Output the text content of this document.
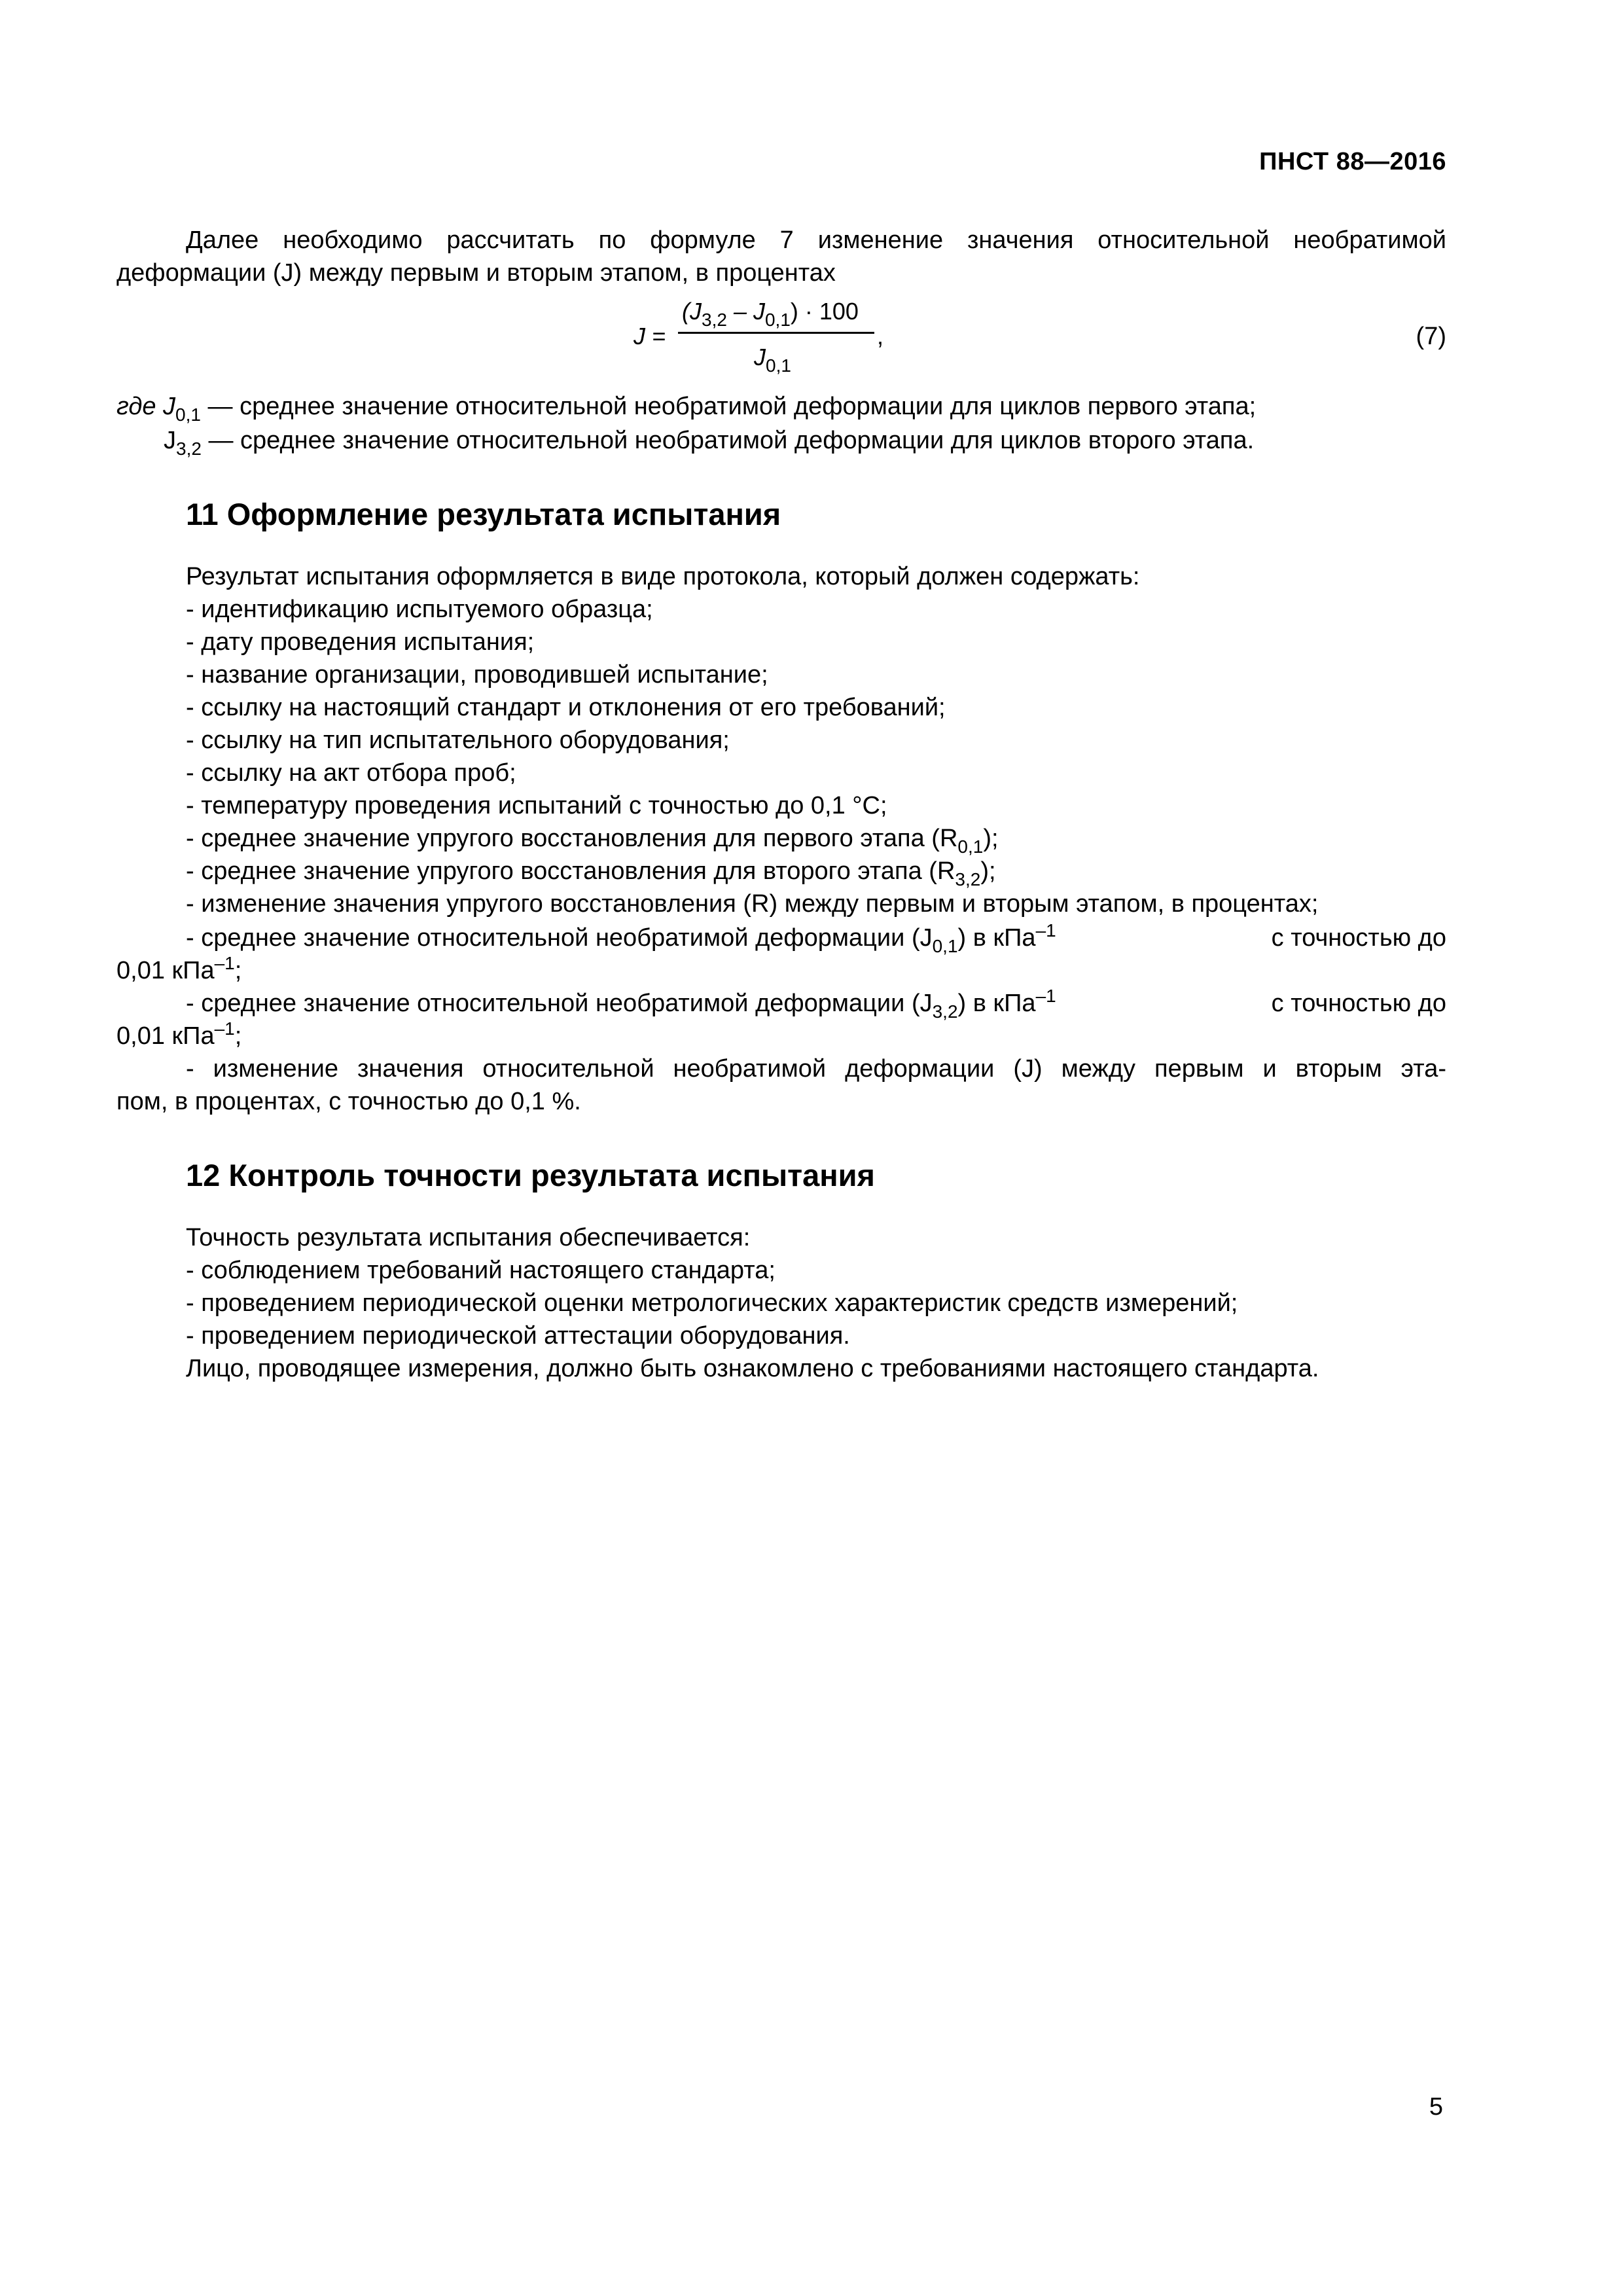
ПНСТ 88—2016
Далее необходимо рассчитать по формуле 7 изменение значения относительной необратимой деформации (J) между первым и вторым этапом, в процентах
J =
$(J_{3,2} - J_{0,1}) \cdot 100$
$J_{0,1}$
,	(7)
где $J_{0,1}$ — среднее значение относительной необратимой деформации для циклов первого этапа;
$J_{3,2}$ — среднее значение относительной необратимой деформации для циклов второго этапа.
11 Оформление результата испытания
Результат испытания оформляется в виде протокола, который должен содержать:
- идентификацию испытуемого образца;
- дату проведения испытания;
- название организации, проводившей испытание;
- ссылку на настоящий стандарт и отклонения от его требований;
- ссылку на тип испытательного оборудования;
- ссылку на акт отбора проб;
- температуру проведения испытаний с точностью до 0,1 °С;
- среднее значение упругого восстановления для первого этапа $(R_{0,1})$;
- среднее значение упругого восстановления для второго этапа $(R_{3,2})$;
- изменение значения упругого восстановления (R) между первым и вторым этапом, в процентах;
- среднее значение относительной необратимой деформации $(J_{0,1})$ в кПа$^{-1}$	с точностью до
0,01 кПа$^{-1}$;
- среднее значение относительной необратимой деформации $(J_{3,2})$ в кПа$^{-1}$	с точностью до
0,01 кПа$^{-1}$;
- изменение значения относительной необратимой деформации (J) между первым и вторым эта-
пом, в процентах, с точностью до 0,1 %.
12 Контроль точности результата испытания
Точность результата испытания обеспечивается:
- соблюдением требований настоящего стандарта;
- проведением периодической оценки метрологических характеристик средств измерений;
- проведением периодической аттестации оборудования.
Лицо, проводящее измерения, должно быть ознакомлено с требованиями настоящего стандарта.
5
